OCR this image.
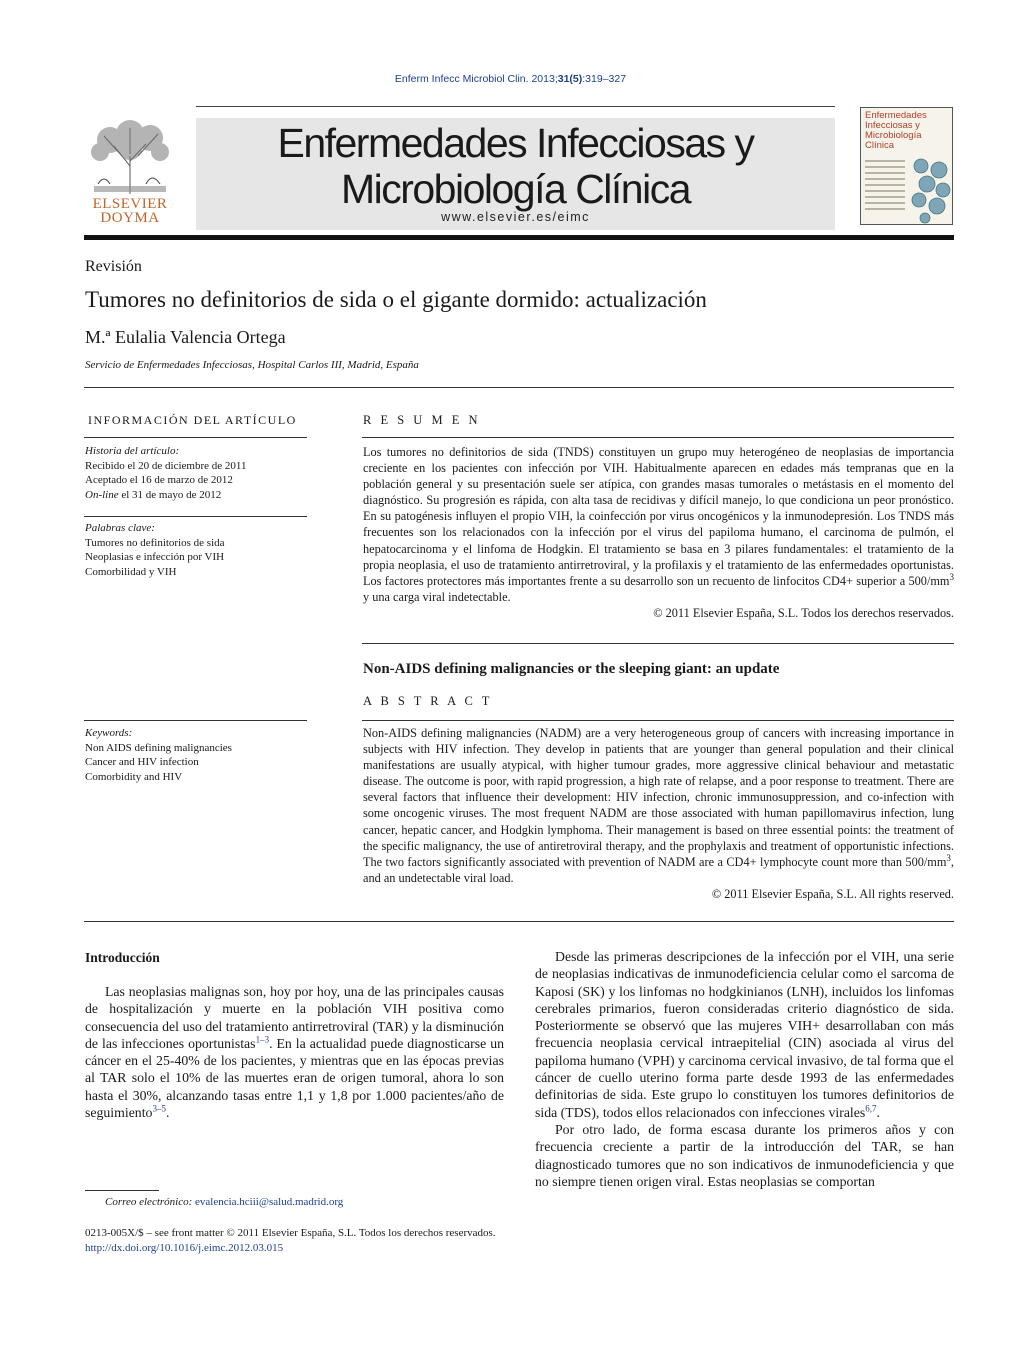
Enferm Infecc Microbiol Clin. 2013;31(5):319–327
ELSEVIER
DOYMA
Enfermedades Infecciosas y
Microbiología Clínica
www.elsevier.es/eimc
Enfermedades
Infecciosas y
Microbiología
Clínica
Revisión
Tumores no definitorios de sida o el gigante dormido: actualización
M.ª Eulalia Valencia Ortega
Servicio de Enfermedades Infecciosas, Hospital Carlos III, Madrid, España
INFORMACIÓN DEL ARTÍCULO
Historia del artículo:
Recibido el 20 de diciembre de 2011
Aceptado el 16 de marzo de 2012
On-line el 31 de mayo de 2012
Palabras clave:
Tumores no definitorios de sida
Neoplasias e infección por VIH
Comorbilidad y VIH
Keywords:
Non AIDS defining malignancies
Cancer and HIV infection
Comorbidity and HIV
R E S U M E N
Los tumores no definitorios de sida (TNDS) constituyen un grupo muy heterogéneo de neoplasias de importancia creciente en los pacientes con infección por VIH. Habitualmente aparecen en edades más tempranas que en la población general y su presentación suele ser atípica, con grandes masas tumorales o metástasis en el momento del diagnóstico. Su progresión es rápida, con alta tasa de recidivas y difícil manejo, lo que condiciona un peor pronóstico. En su patogénesis influyen el propio VIH, la coinfección por virus oncogénicos y la inmunodepresión. Los TNDS más frecuentes son los relacionados con la infección por el virus del papiloma humano, el carcinoma de pulmón, el hepatocarcinoma y el linfoma de Hodgkin. El tratamiento se basa en 3 pilares fundamentales: el tratamiento de la propia neoplasia, el uso de tratamiento antirretroviral, y la profilaxis y el tratamiento de las enfermedades oportunistas. Los factores protectores más importantes frente a su desarrollo son un recuento de linfocitos CD4+ superior a $500/mm^3$ y una carga viral indetectable.
© 2011 Elsevier España, S.L. Todos los derechos reservados.
Non-AIDS defining malignancies or the sleeping giant: an update
A B S T R A C T
Non-AIDS defining malignancies (NADM) are a very heterogeneous group of cancers with increasing importance in subjects with HIV infection. They develop in patients that are younger than general population and their clinical manifestations are usually atypical, with higher tumour grades, more aggressive clinical behaviour and metastatic disease. The outcome is poor, with rapid progression, a high rate of relapse, and a poor response to treatment. There are several factors that influence their development: HIV infection, chronic immunosuppression, and co-infection with some oncogenic viruses. The most frequent NADM are those associated with human papillomavirus infection, lung cancer, hepatic cancer, and Hodgkin lymphoma. Their management is based on three essential points: the treatment of the specific malignancy, the use of antiretroviral therapy, and the prophylaxis and treatment of opportunistic infections. The two factors significantly associated with prevention of NADM are a CD4+ lymphocyte count more than $500/mm^3$, and an undetectable viral load.
© 2011 Elsevier España, S.L. All rights reserved.
Introducción

Las neoplasias malignas son, hoy por hoy, una de las principales causas de hospitalización y muerte en la población VIH positiva como consecuencia del uso del tratamiento antirretroviral (TAR) y la disminución de las infecciones oportunistas$^{1-3}$. En la actualidad puede diagnosticarse un cáncer en el 25-40% de los pacientes, y mientras que en las épocas previas al TAR solo el 10% de las muertes eran de origen tumoral, ahora lo son hasta el 30%, alcanzando tasas entre 1,1 y 1,8 por 1.000 pacientes/año de seguimiento$^{3-5}$.

Desde las primeras descripciones de la infección por el VIH, una serie de neoplasias indicativas de inmunodeficiencia celular como el sarcoma de Kaposi (SK) y los linfomas no hodgkinianos (LNH), incluidos los linfomas cerebrales primarios, fueron consideradas criterio diagnóstico de sida. Posteriormente se observó que las mujeres VIH+ desarrollaban con más frecuencia neoplasia cervical intraepitelial (CIN) asociada al virus del papiloma humano (VPH) y carcinoma cervical invasivo, de tal forma que el cáncer de cuello uterino forma parte desde 1993 de las enfermedades definitorias de sida. Este grupo lo constituyen los tumores definitorios de sida (TDS), todos ellos relacionados con infecciones virales$^{6,7}$.

Por otro lado, de forma escasa durante los primeros años y con frecuencia creciente a partir de la introducción del TAR, se han diagnosticado tumores que no son indicativos de inmunodeficiencia y que no siempre tienen origen viral. Estas neoplasias se comportan

Correo electrónico: evalencia.hciii@salud.madrid.org
0213-005X/$ – see front matter © 2011 Elsevier España, S.L. Todos los derechos reservados.
http://dx.doi.org/10.1016/j.eimc.2012.03.015
